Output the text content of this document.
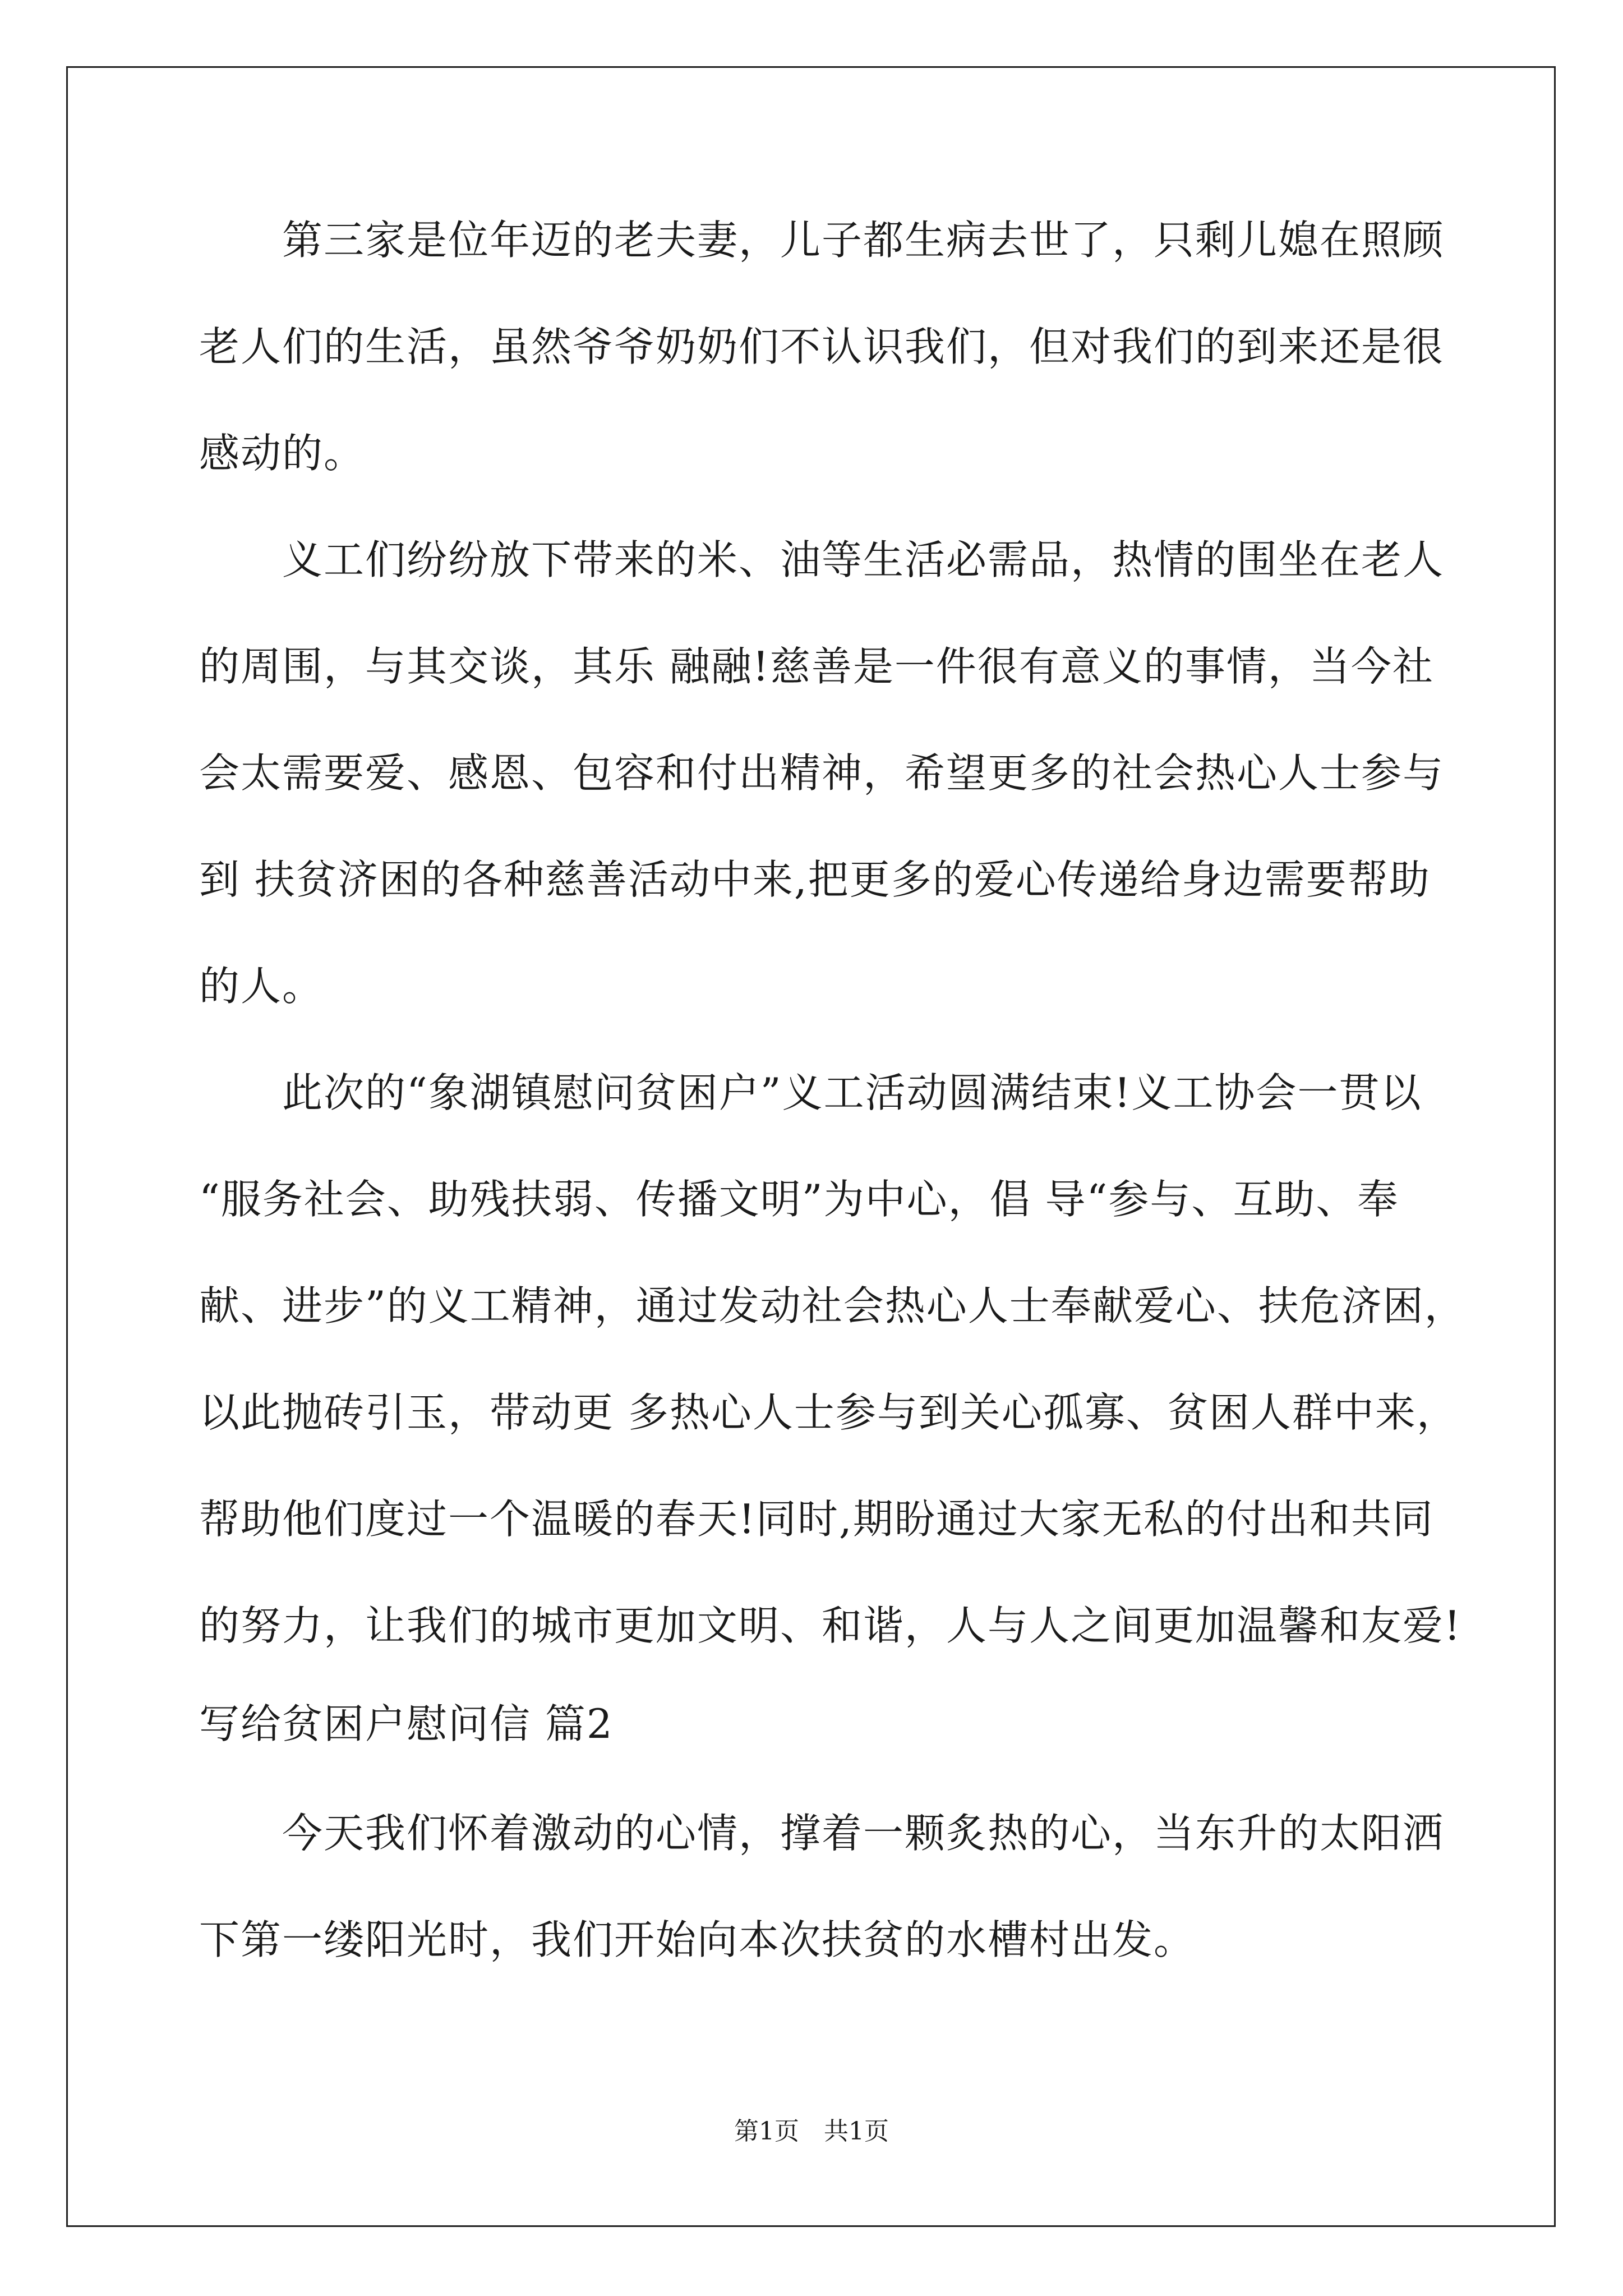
　　第三家是位年迈的老夫妻，儿子都生病去世了，只剩儿媳在照顾
老人们的生活，虽然爷爷奶奶们不认识我们，但对我们的到来还是很
感动的。
　　义工们纷纷放下带来的米、油等生活必需品，热情的围坐在老人
的周围，与其交谈，其乐 融融!慈善是一件很有意义的事情，当今社
会太需要爱、感恩、包容和付出精神，希望更多的社会热心人士参与
到 扶贫济困的各种慈善活动中来,把更多的爱心传递给身边需要帮助
的人。
　　此次的“象湖镇慰问贫困户”义工活动圆满结束!义工协会一贯以
“服务社会、助残扶弱、传播文明”为中心，倡 导“参与、互助、奉
献、进步”的义工精神，通过发动社会热心人士奉献爱心、扶危济困，
以此抛砖引玉，带动更 多热心人士参与到关心孤寡、贫困人群中来，
帮助他们度过一个温暖的春天!同时,期盼通过大家无私的付出和共同
的努力，让我们的城市更加文明、和谐，人与人之间更加温馨和友爱!
写给贫困户慰问信 篇2
　　今天我们怀着激动的心情，撑着一颗炙热的心，当东升的太阳洒
下第一缕阳光时，我们开始向本次扶贫的水槽村出发。
第1页　共1页
